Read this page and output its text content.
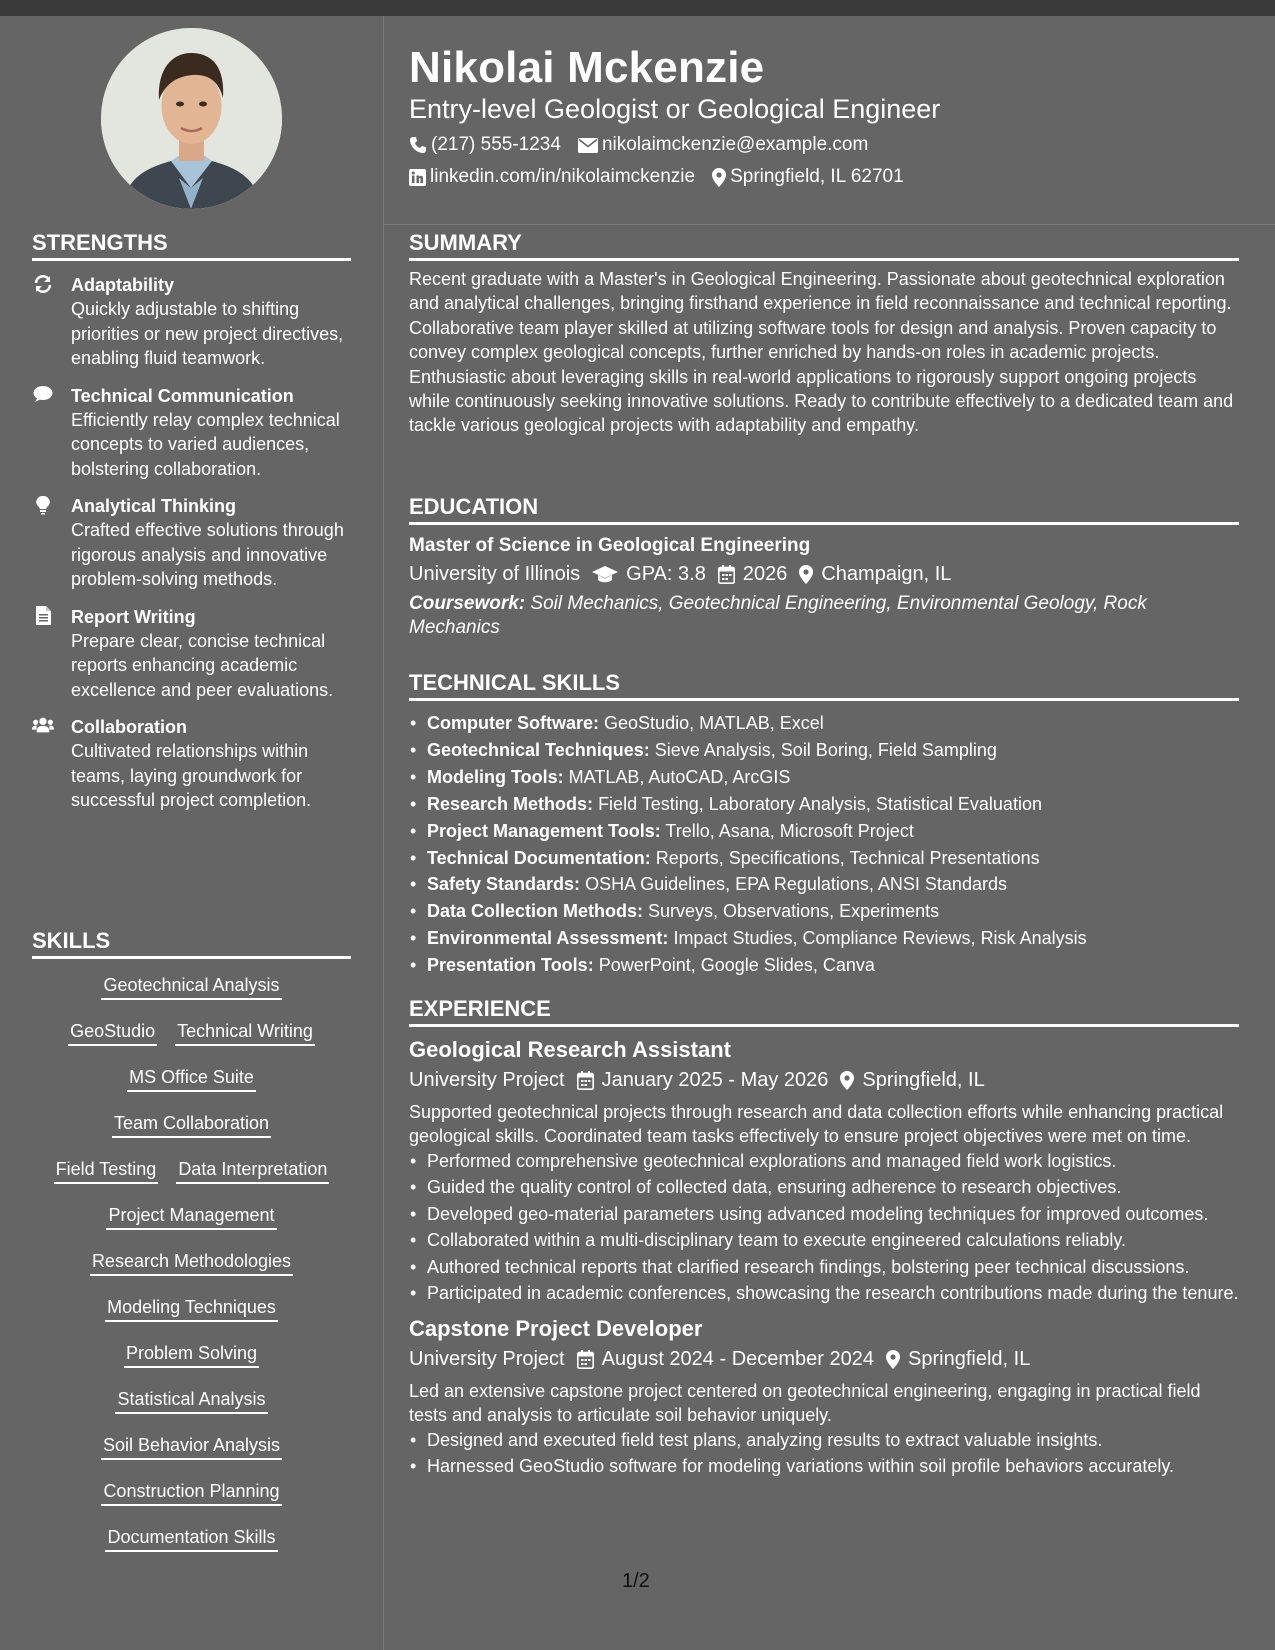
STRENGTHS
Adaptability
Quickly adjustable to shifting priorities or new project directives, enabling fluid teamwork.
Technical Communication
Efficiently relay complex technical concepts to varied audiences, bolstering collaboration.
Analytical Thinking
Crafted effective solutions through rigorous analysis and innovative problem-solving methods.
Report Writing
Prepare clear, concise technical reports enhancing academic excellence and peer evaluations.
Collaboration
Cultivated relationships within teams, laying groundwork for successful project completion.
SKILLS
Geotechnical Analysis
GeoStudio Technical Writing
MS Office Suite
Team Collaboration
Field Testing Data Interpretation
Project Management
Research Methodologies
Modeling Techniques
Problem Solving
Statistical Analysis
Soil Behavior Analysis
Construction Planning
Documentation Skills
Nikolai Mckenzie
Entry-level Geologist or Geological Engineer
(217) 555-1234 nikolaimckenzie@example.com
linkedin.com/in/nikolaimckenzie Springfield, IL 62701
SUMMARY
Recent graduate with a Master's in Geological Engineering. Passionate about geotechnical exploration and analytical challenges, bringing firsthand experience in field reconnaissance and technical reporting. Collaborative team player skilled at utilizing software tools for design and analysis. Proven capacity to convey complex geological concepts, further enriched by hands-on roles in academic projects. Enthusiastic about leveraging skills in real-world applications to rigorously support ongoing projects while continuously seeking innovative solutions. Ready to contribute effectively to a dedicated team and tackle various geological projects with adaptability and empathy.
EDUCATION
Master of Science in Geological Engineering
University of Illinois GPA: 3.8 2026 Champaign, IL
Coursework: Soil Mechanics, Geotechnical Engineering, Environmental Geology, Rock Mechanics
TECHNICAL SKILLS
• Computer Software: GeoStudio, MATLAB, Excel
• Geotechnical Techniques: Sieve Analysis, Soil Boring, Field Sampling
• Modeling Tools: MATLAB, AutoCAD, ArcGIS
• Research Methods: Field Testing, Laboratory Analysis, Statistical Evaluation
• Project Management Tools: Trello, Asana, Microsoft Project
• Technical Documentation: Reports, Specifications, Technical Presentations
• Safety Standards: OSHA Guidelines, EPA Regulations, ANSI Standards
• Data Collection Methods: Surveys, Observations, Experiments
• Environmental Assessment: Impact Studies, Compliance Reviews, Risk Analysis
• Presentation Tools: PowerPoint, Google Slides, Canva
EXPERIENCE
Geological Research Assistant
University Project January 2025 - May 2026 Springfield, IL
Supported geotechnical projects through research and data collection efforts while enhancing practical geological skills. Coordinated team tasks effectively to ensure project objectives were met on time.
• Performed comprehensive geotechnical explorations and managed field work logistics.
• Guided the quality control of collected data, ensuring adherence to research objectives.
• Developed geo-material parameters using advanced modeling techniques for improved outcomes.
• Collaborated within a multi-disciplinary team to execute engineered calculations reliably.
• Authored technical reports that clarified research findings, bolstering peer technical discussions.
• Participated in academic conferences, showcasing the research contributions made during the tenure.
Capstone Project Developer
University Project August 2024 - December 2024 Springfield, IL
Led an extensive capstone project centered on geotechnical engineering, engaging in practical field tests and analysis to articulate soil behavior uniquely.
• Designed and executed field test plans, analyzing results to extract valuable insights.
• Harnessed GeoStudio software for modeling variations within soil profile behaviors accurately.
1/2
